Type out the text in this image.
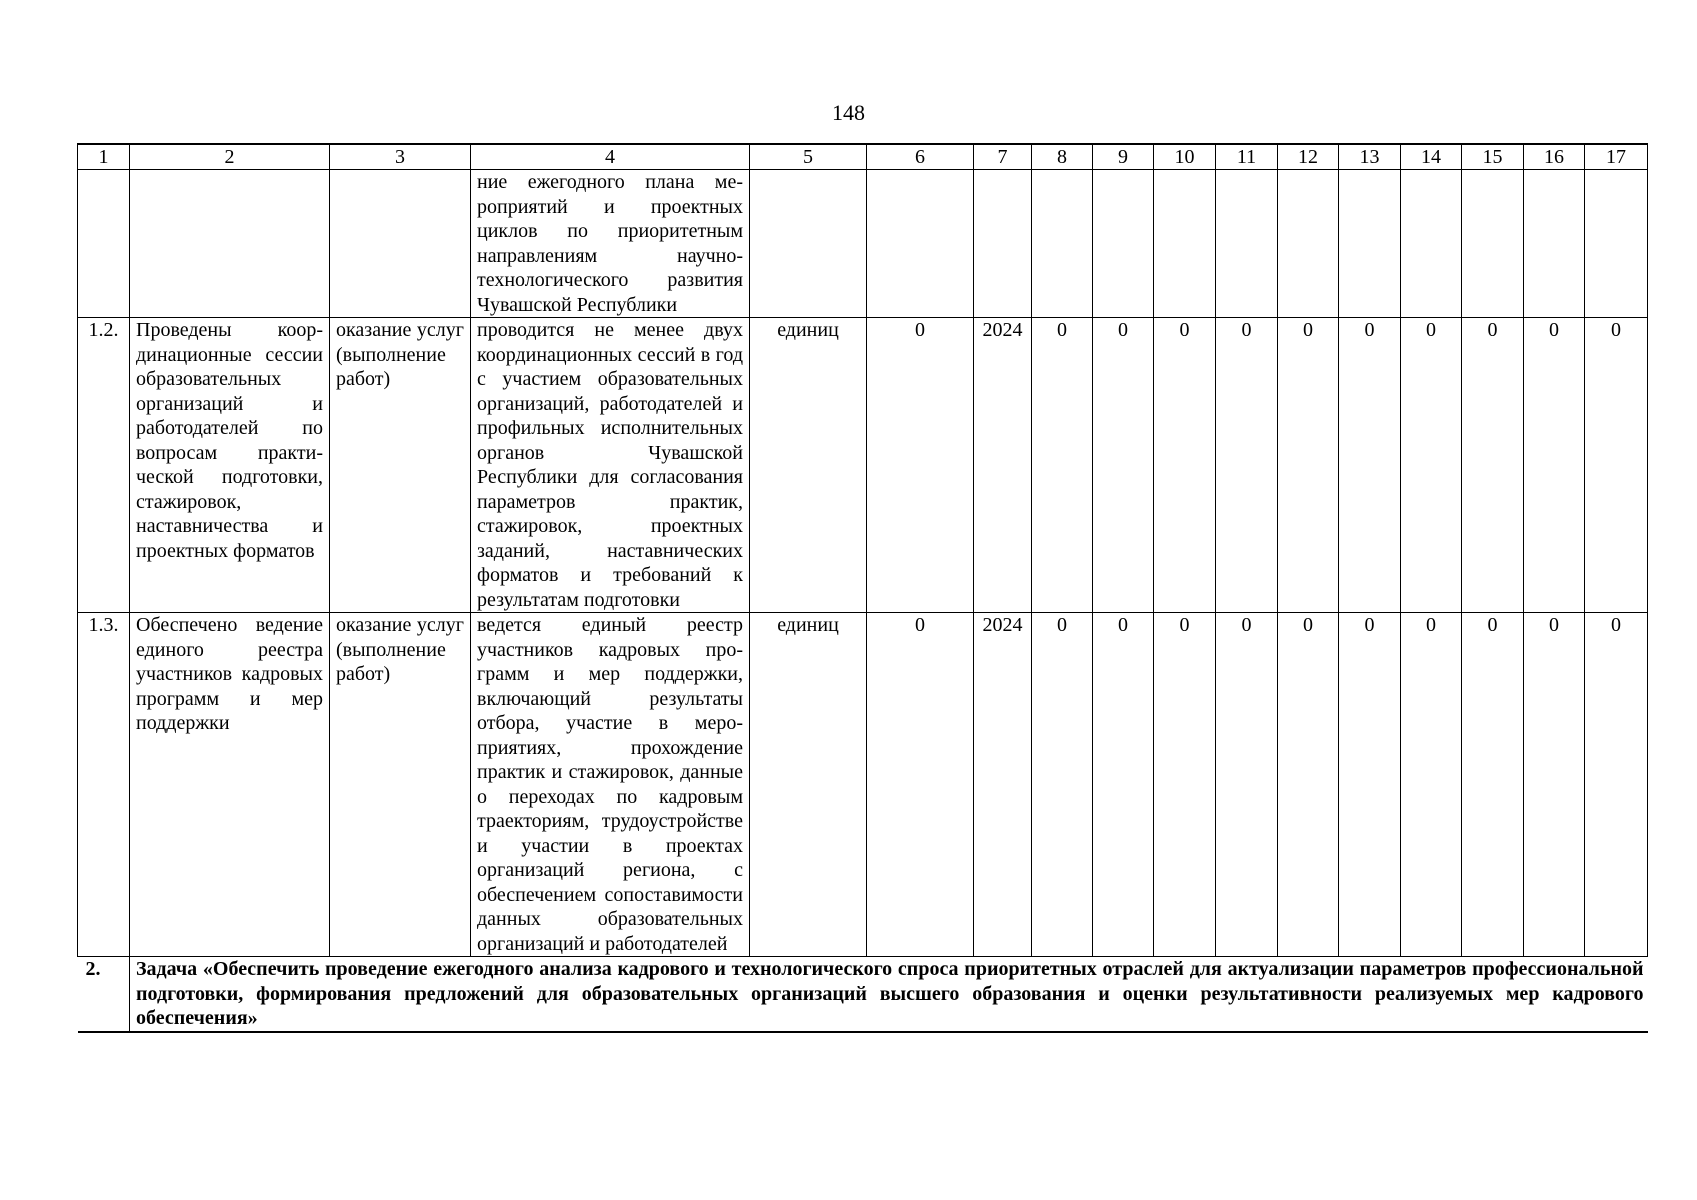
148
1	2	3	4	5	6	7	8	9	10	11	12	13	14	15	16	17
			ние ежегодного плана мероприятий и проектных циклов по приоритетным направлениям научно-технологического развития Чувашской Республики													
1.2.	Проведены координационные сессии образовательных организаций и работодателей по вопросам практической подготовки, стажировок, наставничества и проектных форматов	оказание услуг (выполнение работ)	проводится не менее двух координационных сессий в год с участием образовательных организаций, работодателей и профильных исполнительных органов Чувашской Республики для согласования параметров практик, стажировок, проектных заданий, наставнических форматов и требований к результатам подготовки	единиц	0	2024	0	0	0	0	0	0	0	0	0	0
1.3.	Обеспечено ведение единого реестра участников кадровых программ и мер поддержки	оказание услуг (выполнение работ)	ведется единый реестр участников кадровых программ и мер поддержки, включающий результаты отбора, участие в мероприятиях, прохождение практик и стажировок, данные о переходах по кадровым траекториям, трудоустройстве и участии в проектах организаций региона, с обеспечением сопоставимости данных образовательных организаций и работодателей	единиц	0	2024	0	0	0	0	0	0	0	0	0	0
2.	Задача «Обеспечить проведение ежегодного анализа кадрового и технологического спроса приоритетных отраслей для актуализации параметров профессиональной подготовки, формирования предложений для образовательных организаций высшего образования и оценки результативности реализуемых мер кадрового обеспечения»															
